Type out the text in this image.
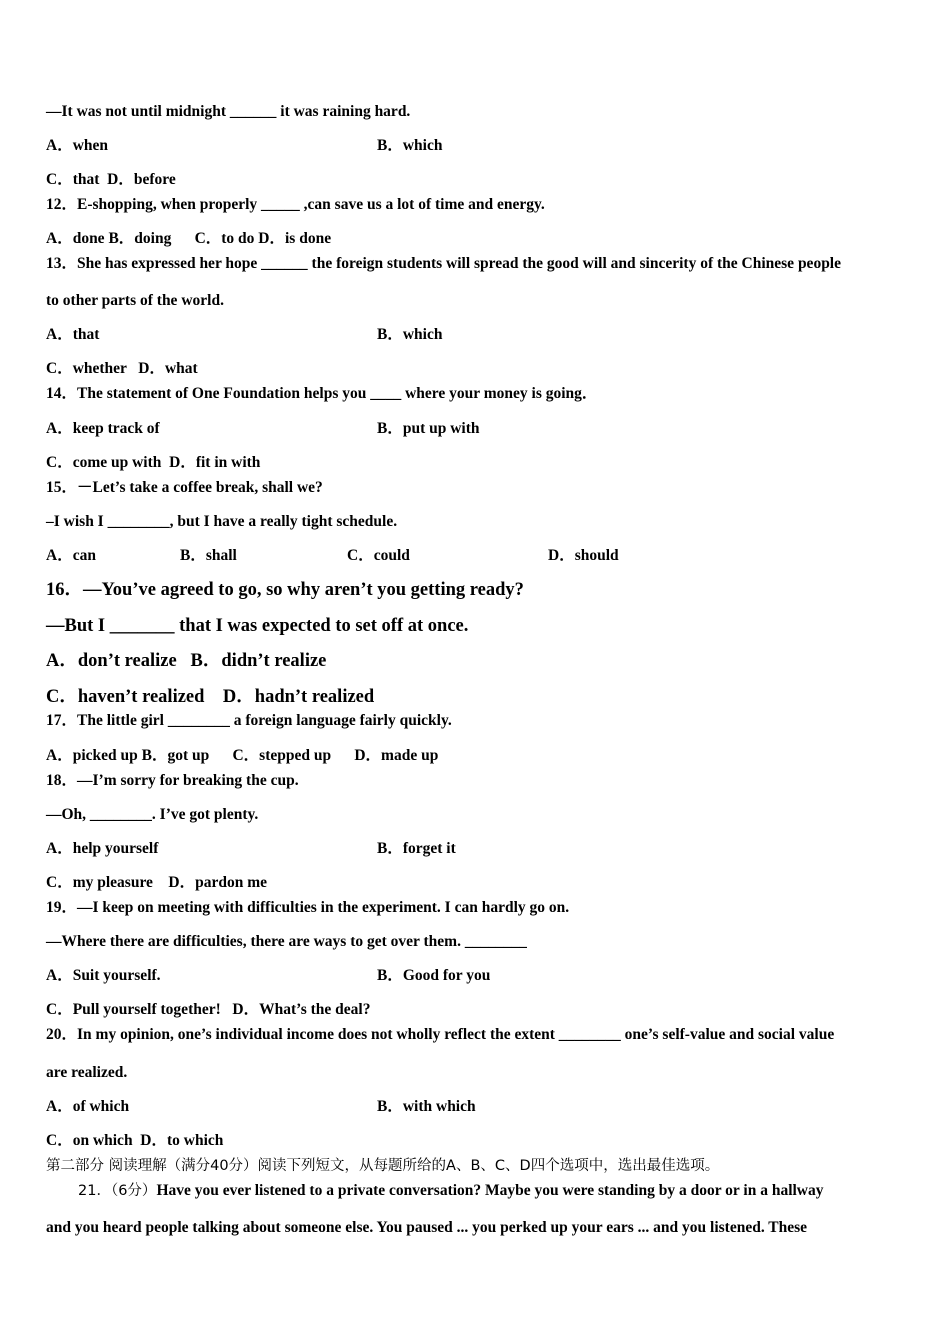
—It was not until midnight ______ it was raining hard.
A．when	B．which
C．that  D．before
12．E-shopping, when properly _____ ,can save us a lot of time and energy.
A．done B．doing      C．to do D．is done
13．She has expressed her hope ______ the foreign students will spread the good will and sincerity of the Chinese people
to other parts of the world.
A．that	B．which
C．whether   D．what
14．The statement of One Foundation helps you ____ where your money is going．
A．keep track of	B．put up with
C．come up with  D．fit in with
15．－Let’s take a coffee break, shall we?
–I wish I ________, but I have a really tight schedule.
A．can	B．shall	C．could	D．should
16．—You’ve agreed to go, so why aren’t you getting ready?
—But I _______ that I was expected to set off at once.
A．don’t realize   B．didn’t realize
C．haven’t realized    D．hadn’t realized
17．The little girl ________ a foreign language fairly quickly.
A．picked up B．got up      C．stepped up      D．made up
18．—I’m sorry for breaking the cup.
—Oh, ________. I’ve got plenty.
A．help yourself	B．forget it
C．my pleasure    D．pardon me
19．—I keep on meeting with difficulties in the experiment. I can hardly go on.
—Where there are difficulties, there are ways to get over them. ________
A．Suit yourself.	B．Good for you
C．Pull yourself together!   D．What’s the deal?
20．In my opinion, one’s individual income does not wholly reflect the extent ________ one’s self-value and social value
are realized.
A．of which	B．with which
C．on which  D．to which
第二部分 阅读理解（满分40分）阅读下列短文，从每题所给的A、B、C、D四个选项中，选出最佳选项。
21．（6分）Have you ever listened to a private conversation? Maybe you were standing by a door or in a hallway
and you heard people talking about someone else. You paused ... you perked up your ears ... and you listened. These
